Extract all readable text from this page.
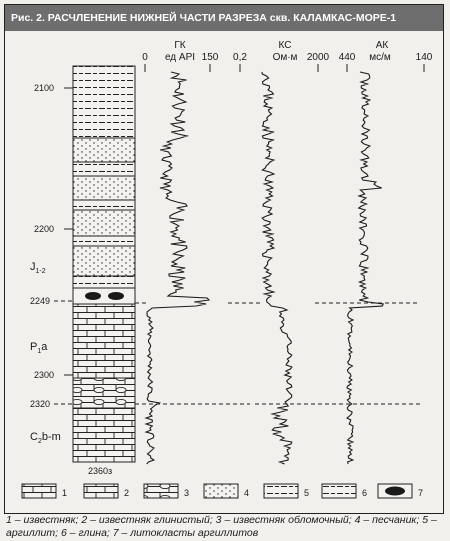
Рис. 2. РАСЧЛЕНЕНИЕ НИЖНЕЙ ЧАСТИ РАЗРЕЗА скв. КАЛАМКАС-МОРЕ-1
2100
2200
2249
2300
2320
$J_{1-2}$
$P_1a$
$C_2b-m$
2360з
ГК
ед API
0	150
КС
Ом·м
0,2	2000
АК
мс/м
440	140
1	2	3	4	5	6	7
1 – известняк; 2 – известняк глинистый; 3 – известняк обломочный; 4 – песчаник; 5 – аргиллит; 6 – глина; 7 – литокласты аргиллитов
